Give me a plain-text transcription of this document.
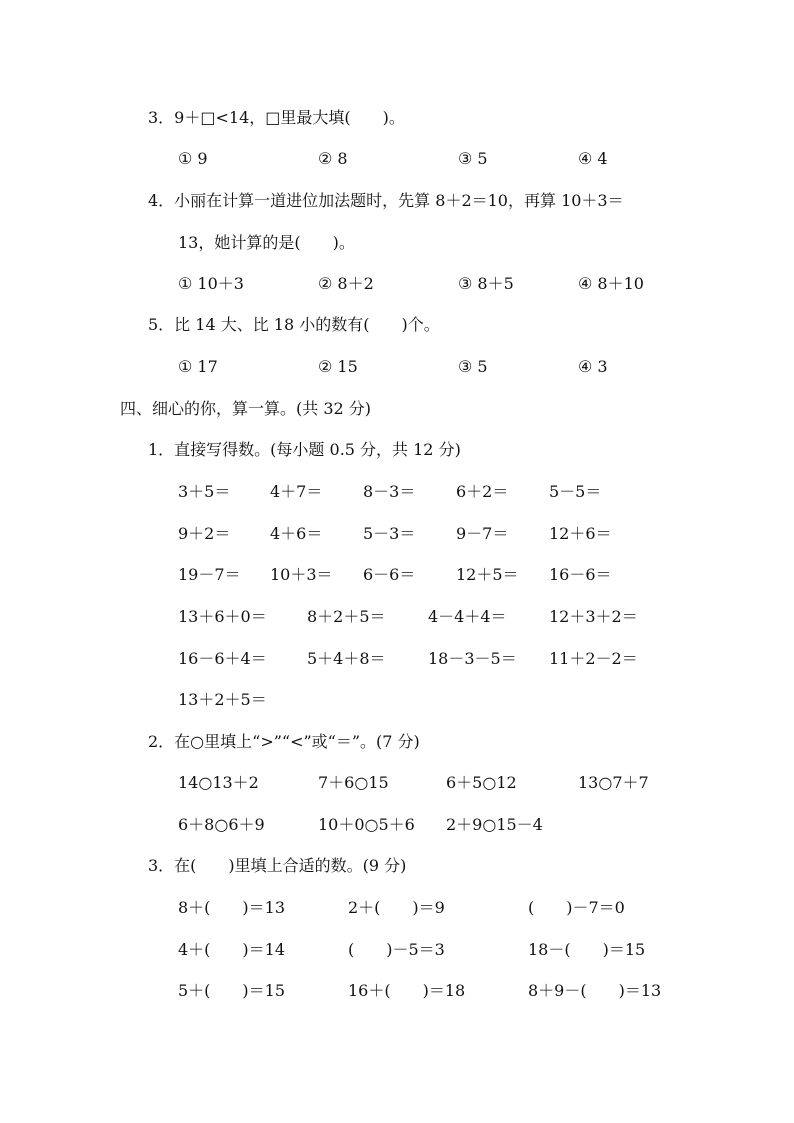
3．9＋□<14，□里最大填(　　)。
① 9	② 8	③ 5	④ 4
4．小丽在计算一道进位加法题时，先算 8＋2＝10，再算 10＋3＝
13，她计算的是(　　)。
① 10＋3	② 8＋2	③ 8＋5	④ 8＋10
5．比 14 大、比 18 小的数有(　　)个。
① 17	② 15	③ 5	④ 3
四、细心的你，算一算。(共 32 分)
1．直接写得数。(每小题 0.5 分，共 12 分)
3＋5＝ 4＋7＝	8－3＝	6＋2＝	5－5＝
9＋2＝ 4＋6＝	5－3＝	9－7＝	12＋6＝
19－7＝ 10＋3＝ 6－6＝	12＋5＝ 16－6＝
13＋6＋0＝	8＋2＋5＝	4－4＋4＝	12＋3＋2＝
16－6＋4＝	5＋4＋8＝	18－3－5＝ 11＋2－2＝
13＋2＋5＝
2．在○里填上“>”“<”或“＝”。(7 分)
14○13＋2	7＋6○15	6＋5○12	13○7＋7
6＋8○6＋9	10＋0○5＋6 2＋9○15－4
3．在(　　)里填上合适的数。(9 分)
8＋(　　)＝13	2＋(　　)＝9	(　　)－7＝0
4＋(　　)＝14	(　　)－5＝3	18－(　　)＝15
5＋(　　)＝15	16＋(　　)＝18	8＋9－(　　)＝13
